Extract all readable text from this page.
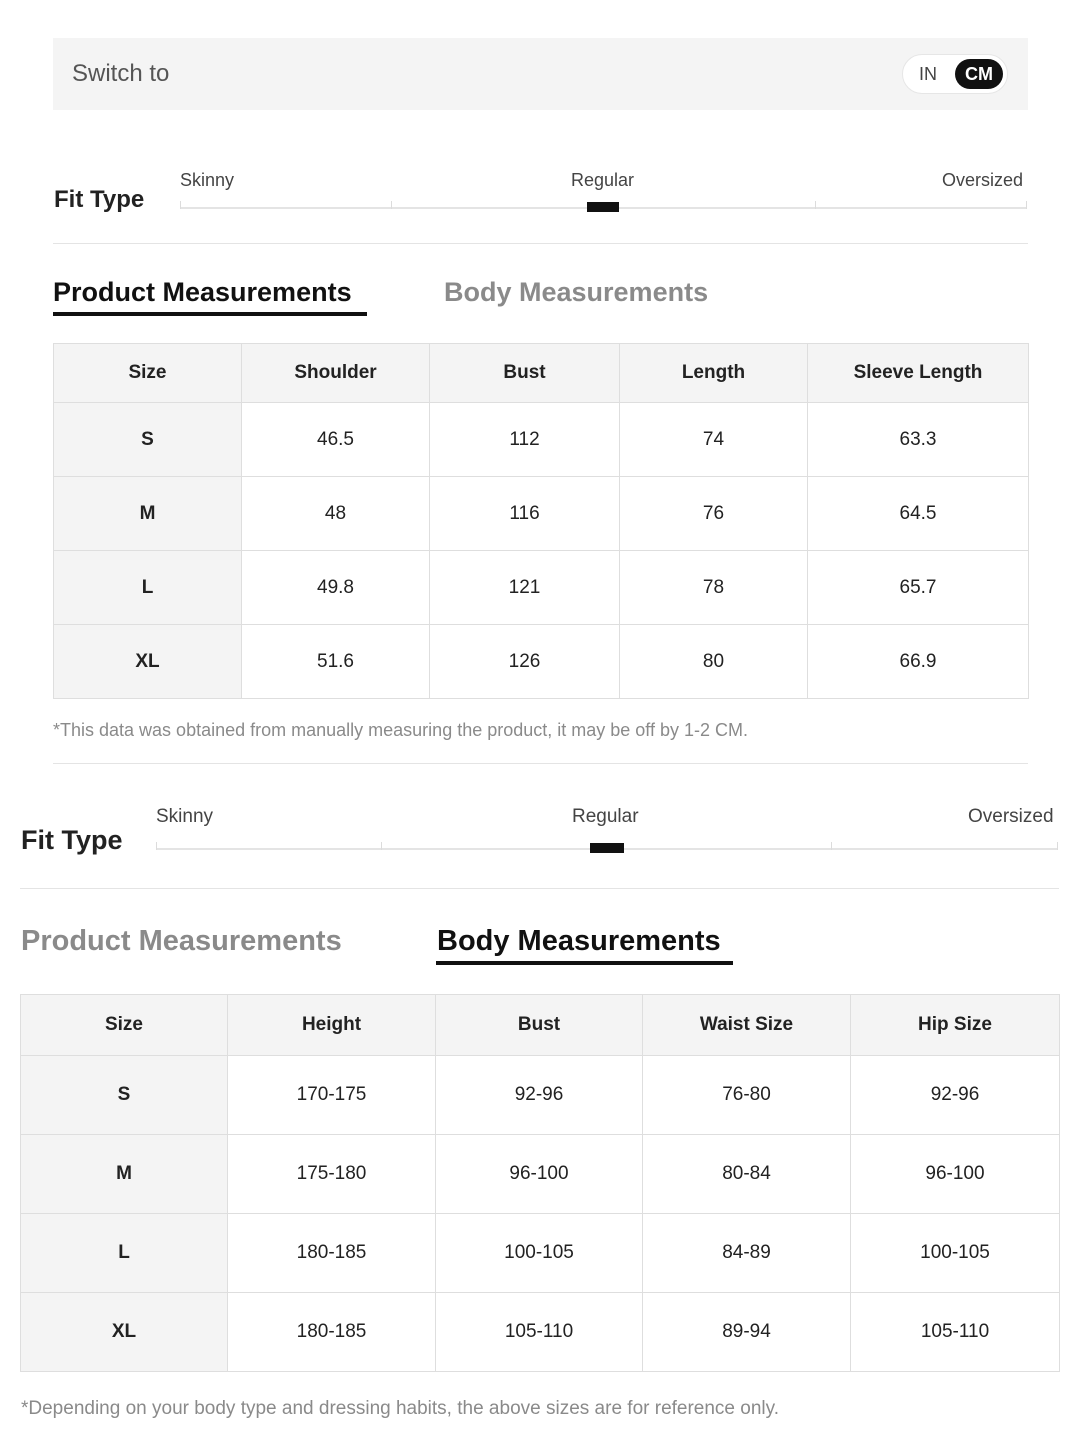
Switch to	IN	CM
Fit Type
Skinny	Regular	Oversized
Product Measurements	Body Measurements
Size	Shoulder	Bust	Length	Sleeve Length
S	46.5	112	74	63.3
M	48	116	76	64.5
L	49.8	121	78	65.7
XL	51.6	126	80	66.9
*This data was obtained from manually measuring the product, it may be off by 1-2 CM.
Fit Type
Skinny	Regular	Oversized
Product Measurements	Body Measurements
Size	Height	Bust	Waist Size	Hip Size
S	170-175	92-96	76-80	92-96
M	175-180	96-100	80-84	96-100
L	180-185	100-105	84-89	100-105
XL	180-185	105-110	89-94	105-110
*Depending on your body type and dressing habits, the above sizes are for reference only.
